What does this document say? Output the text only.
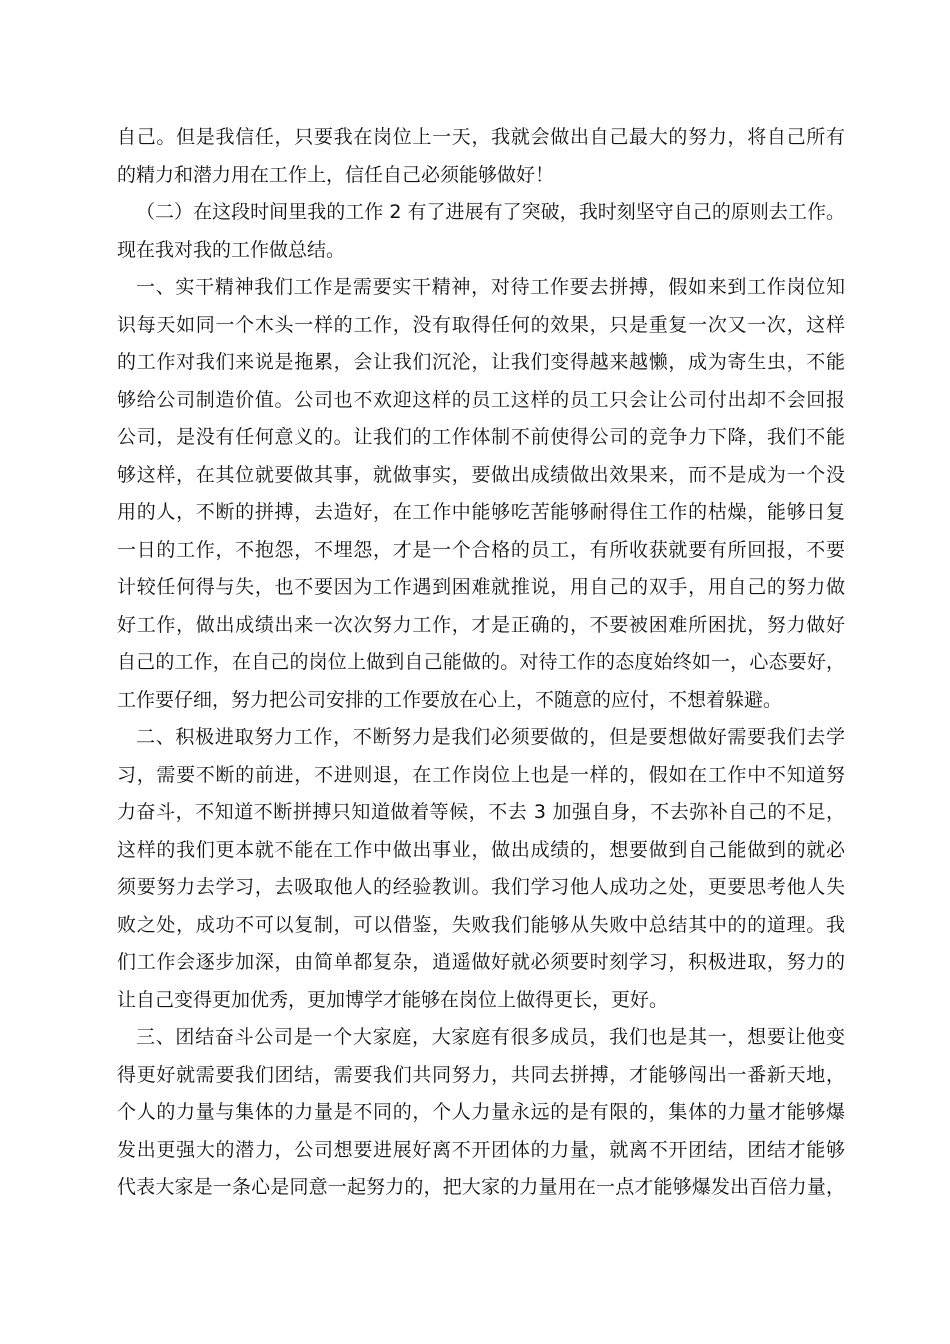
自己。但是我信任，只要我在岗位上一天，我就会做出自己最大的努力，将自己所有
的精力和潜力用在工作上，信任自己必须能够做好！
（二）在这段时间里我的工作 2 有了进展有了突破，我时刻坚守自己的原则去工作。
现在我对我的工作做总结。
一、实干精神我们工作是需要实干精神，对待工作要去拼搏，假如来到工作岗位知
识每天如同一个木头一样的工作，没有取得任何的效果，只是重复一次又一次，这样
的工作对我们来说是拖累，会让我们沉沦，让我们变得越来越懒，成为寄生虫，不能
够给公司制造价值。公司也不欢迎这样的员工这样的员工只会让公司付出却不会回报
公司，是没有任何意义的。让我们的工作体制不前使得公司的竞争力下降，我们不能
够这样，在其位就要做其事，就做事实，要做出成绩做出效果来，而不是成为一个没
用的人，不断的拼搏，去造好，在工作中能够吃苦能够耐得住工作的枯燥，能够日复
一日的工作，不抱怨，不埋怨，才是一个合格的员工，有所收获就要有所回报，不要
计较任何得与失，也不要因为工作遇到困难就推说，用自己的双手，用自己的努力做
好工作，做出成绩出来一次次努力工作，才是正确的，不要被困难所困扰，努力做好
自己的工作，在自己的岗位上做到自己能做的。对待工作的态度始终如一，心态要好，
工作要仔细，努力把公司安排的工作要放在心上，不随意的应付，不想着躲避。
二、积极进取努力工作，不断努力是我们必须要做的，但是要想做好需要我们去学
习，需要不断的前进，不进则退，在工作岗位上也是一样的，假如在工作中不知道努
力奋斗，不知道不断拼搏只知道做着等候，不去 3 加强自身，不去弥补自己的不足，
这样的我们更本就不能在工作中做出事业，做出成绩的，想要做到自己能做到的就必
须要努力去学习，去吸取他人的经验教训。我们学习他人成功之处，更要思考他人失
败之处，成功不可以复制，可以借鉴，失败我们能够从失败中总结其中的的道理。我
们工作会逐步加深，由简单都复杂，逍遥做好就必须要时刻学习，积极进取，努力的
让自己变得更加优秀，更加博学才能够在岗位上做得更长，更好。
三、团结奋斗公司是一个大家庭，大家庭有很多成员，我们也是其一，想要让他变
得更好就需要我们团结，需要我们共同努力，共同去拼搏，才能够闯出一番新天地，
个人的力量与集体的力量是不同的，个人力量永远的是有限的，集体的力量才能够爆
发出更强大的潜力，公司想要进展好离不开团体的力量，就离不开团结，团结才能够
代表大家是一条心是同意一起努力的，把大家的力量用在一点才能够爆发出百倍力量，
